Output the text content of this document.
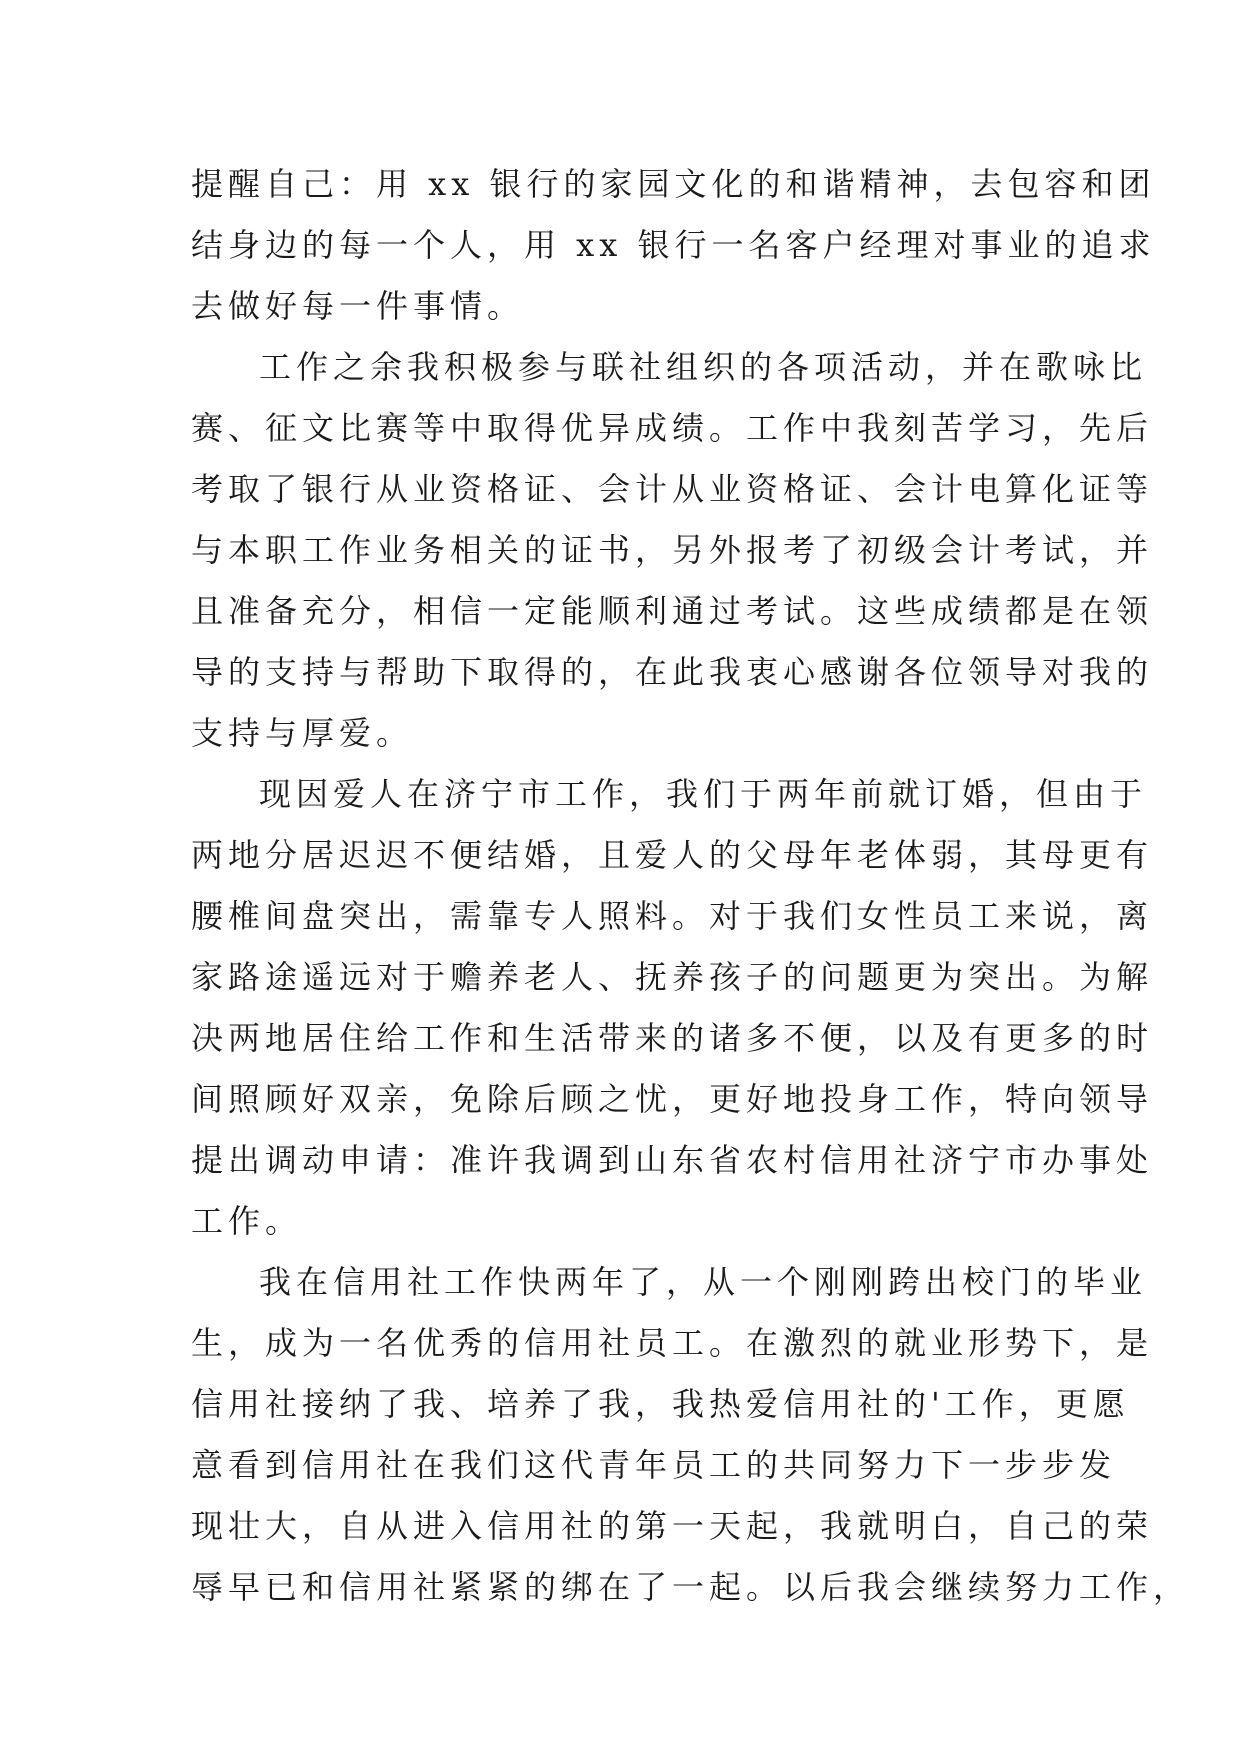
提醒自己：用 xx 银行的家园文化的和谐精神，去包容和团
结身边的每一个人，用 xx 银行一名客户经理对事业的追求
去做好每一件事情。

工作之余我积极参与联社组织的各项活动，并在歌咏比
赛、征文比赛等中取得优异成绩。工作中我刻苦学习，先后
考取了银行从业资格证、会计从业资格证、会计电算化证等
与本职工作业务相关的证书，另外报考了初级会计考试，并
且准备充分，相信一定能顺利通过考试。这些成绩都是在领
导的支持与帮助下取得的，在此我衷心感谢各位领导对我的
支持与厚爱。

现因爱人在济宁市工作，我们于两年前就订婚，但由于
两地分居迟迟不便结婚，且爱人的父母年老体弱，其母更有
腰椎间盘突出，需靠专人照料。对于我们女性员工来说，离
家路途遥远对于赡养老人、抚养孩子的问题更为突出。为解
决两地居住给工作和生活带来的诸多不便，以及有更多的时
间照顾好双亲，免除后顾之忧，更好地投身工作，特向领导
提出调动申请：准许我调到山东省农村信用社济宁市办事处
工作。

我在信用社工作快两年了，从一个刚刚跨出校门的毕业
生，成为一名优秀的信用社员工。在激烈的就业形势下，是
信用社接纳了我、培养了我，我热爱信用社的'工作，更愿
意看到信用社在我们这代青年员工的共同努力下一步步发
现壮大，自从进入信用社的第一天起，我就明白，自己的荣
辱早已和信用社紧紧的绑在了一起。以后我会继续努力工作，
